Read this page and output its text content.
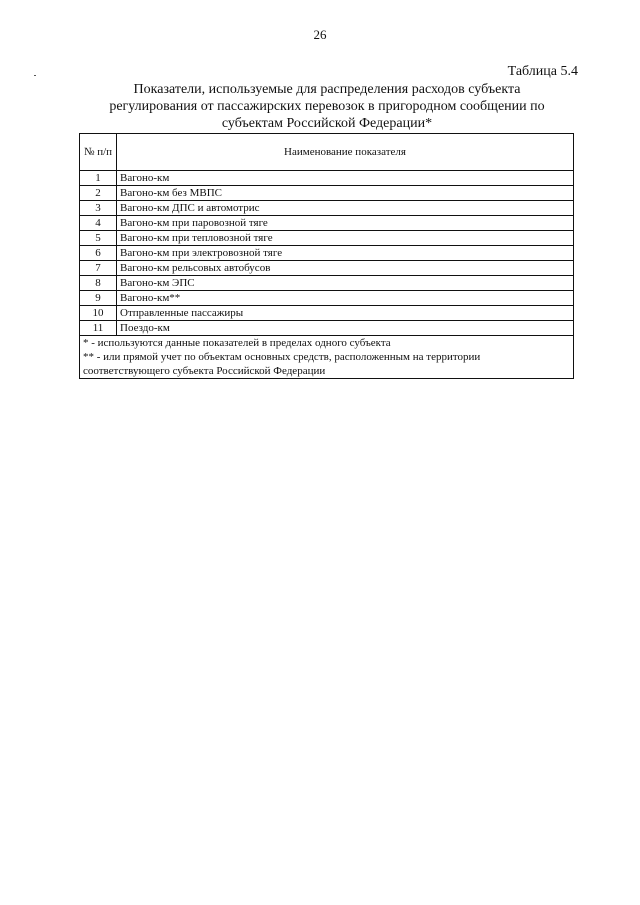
26
Таблица 5.4
Показатели, используемые для распределения расходов субъекта
регулирования от пассажирских перевозок в пригородном сообщении по
субъектам Российской Федерации*
№ п/п	Наименование показателя
1	Вагоно-км
2	Вагоно-км без МВПС
3	Вагоно-км ДПС и автомотрис
4	Вагоно-км при паровозной тяге
5	Вагоно-км при тепловозной тяге
6	Вагоно-км при электровозной тяге
7	Вагоно-км рельсовых автобусов
8	Вагоно-км ЭПС
9	Вагоно-км**
10	Отправленные пассажиры
11	Поездо-км

* - используются данные показателей в пределах одного субъекта
** - или прямой учет по объектам основных средств, расположенным на территории
соответствующего субъекта Российской Федерации	
